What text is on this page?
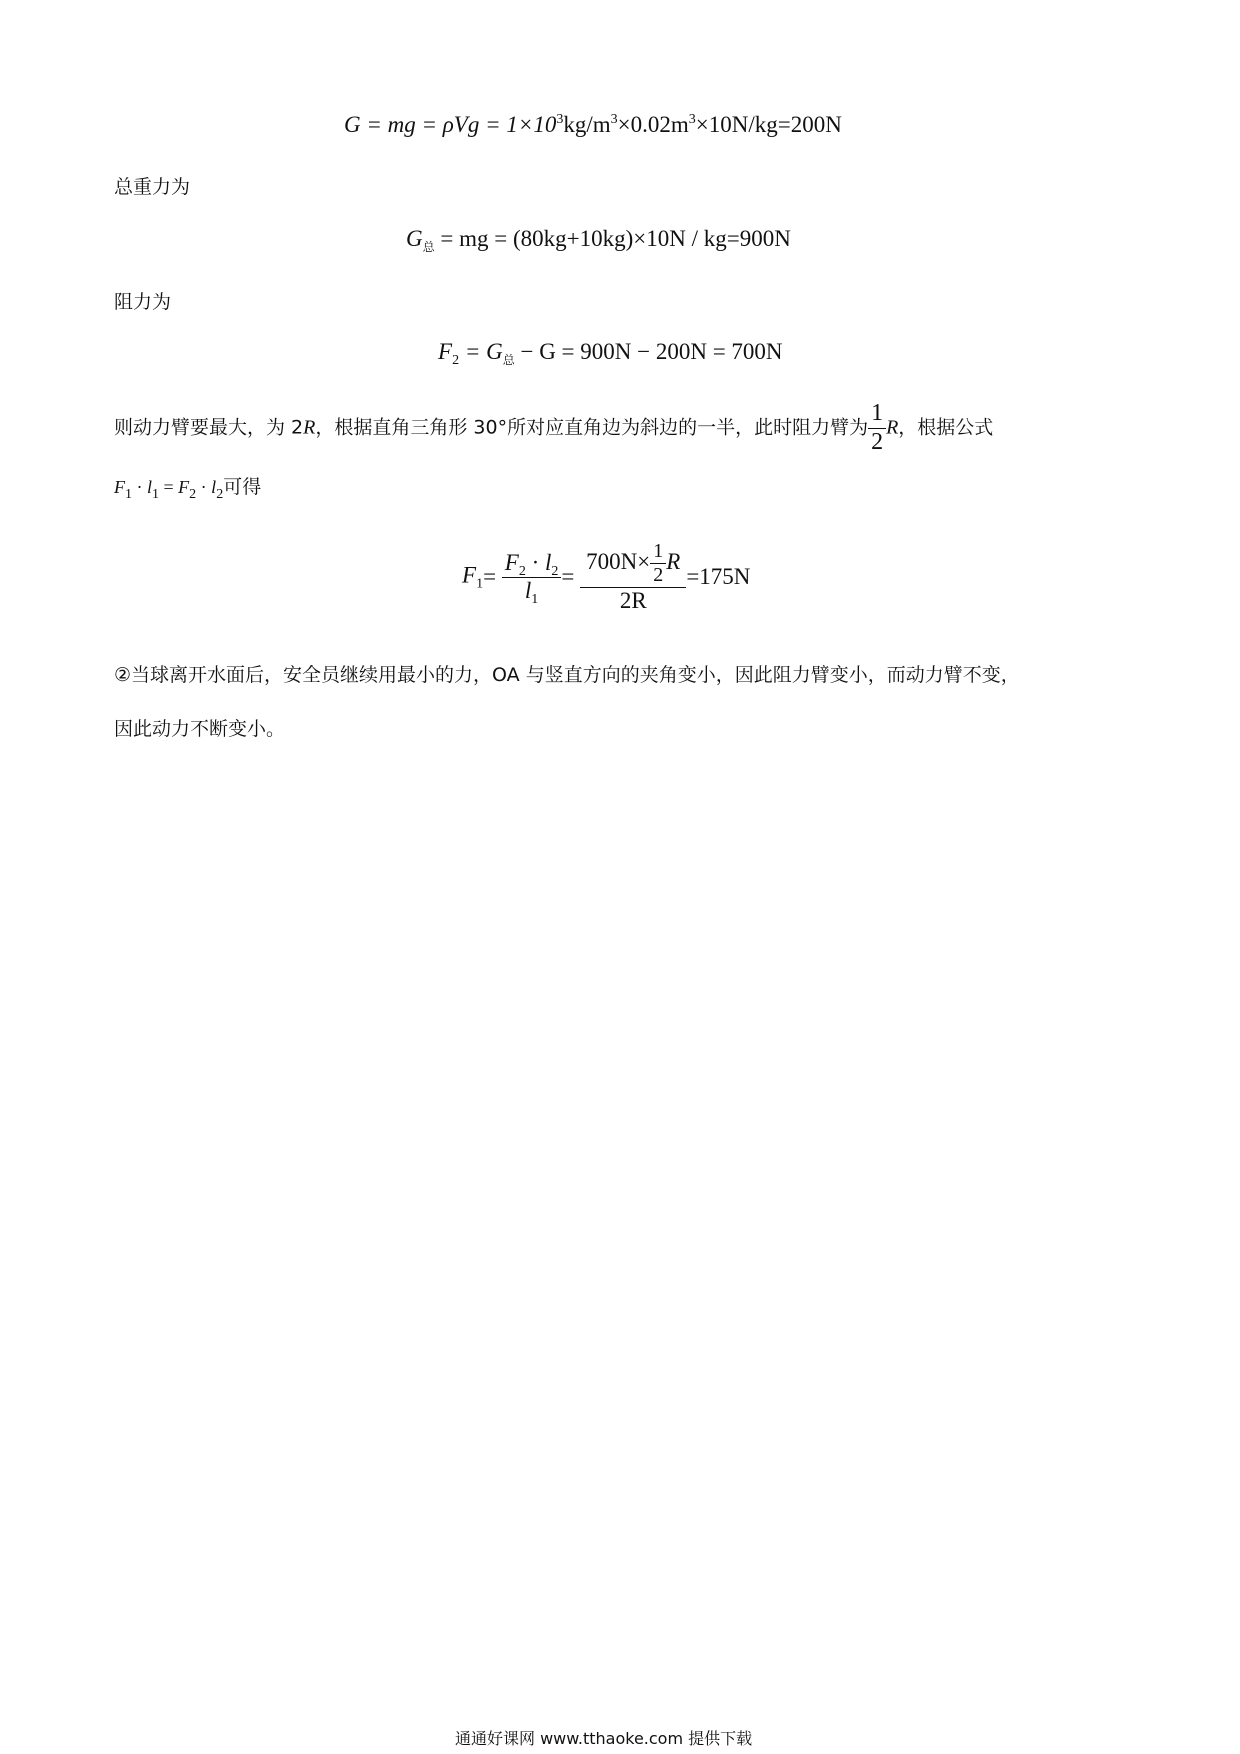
G = mg = $\rho Vg = 1\times 10^3kg/m^3\times 0.02m^3\times 10N/kg=200N$
总重力为
$G_总$ = mg = (80kg+10kg)×10N / kg=900N
阻力为
$F_2 = G_总 - G = 900N - 200N = 700N$
则动力臂要最大，为 2R，根据直角三角形 30°所对应直角边为斜边的一半，此时阻力臂为 $\frac{1}{2}$ R，根据公式
$F_1 \cdot l_1 = F_2 \cdot l_2$可得
$F_1= \frac{F_2 \cdot l_2}{l_1} = \frac{700N\times \frac{1}{2} R}{2R} =175N$
②当球离开水面后，安全员继续用最小的力，OA 与竖直方向的夹角变小，因此阻力臂变小，而动力臂不变，
因此动力不断变小。
通通好课网 www.tthaoke.com 提供下载
